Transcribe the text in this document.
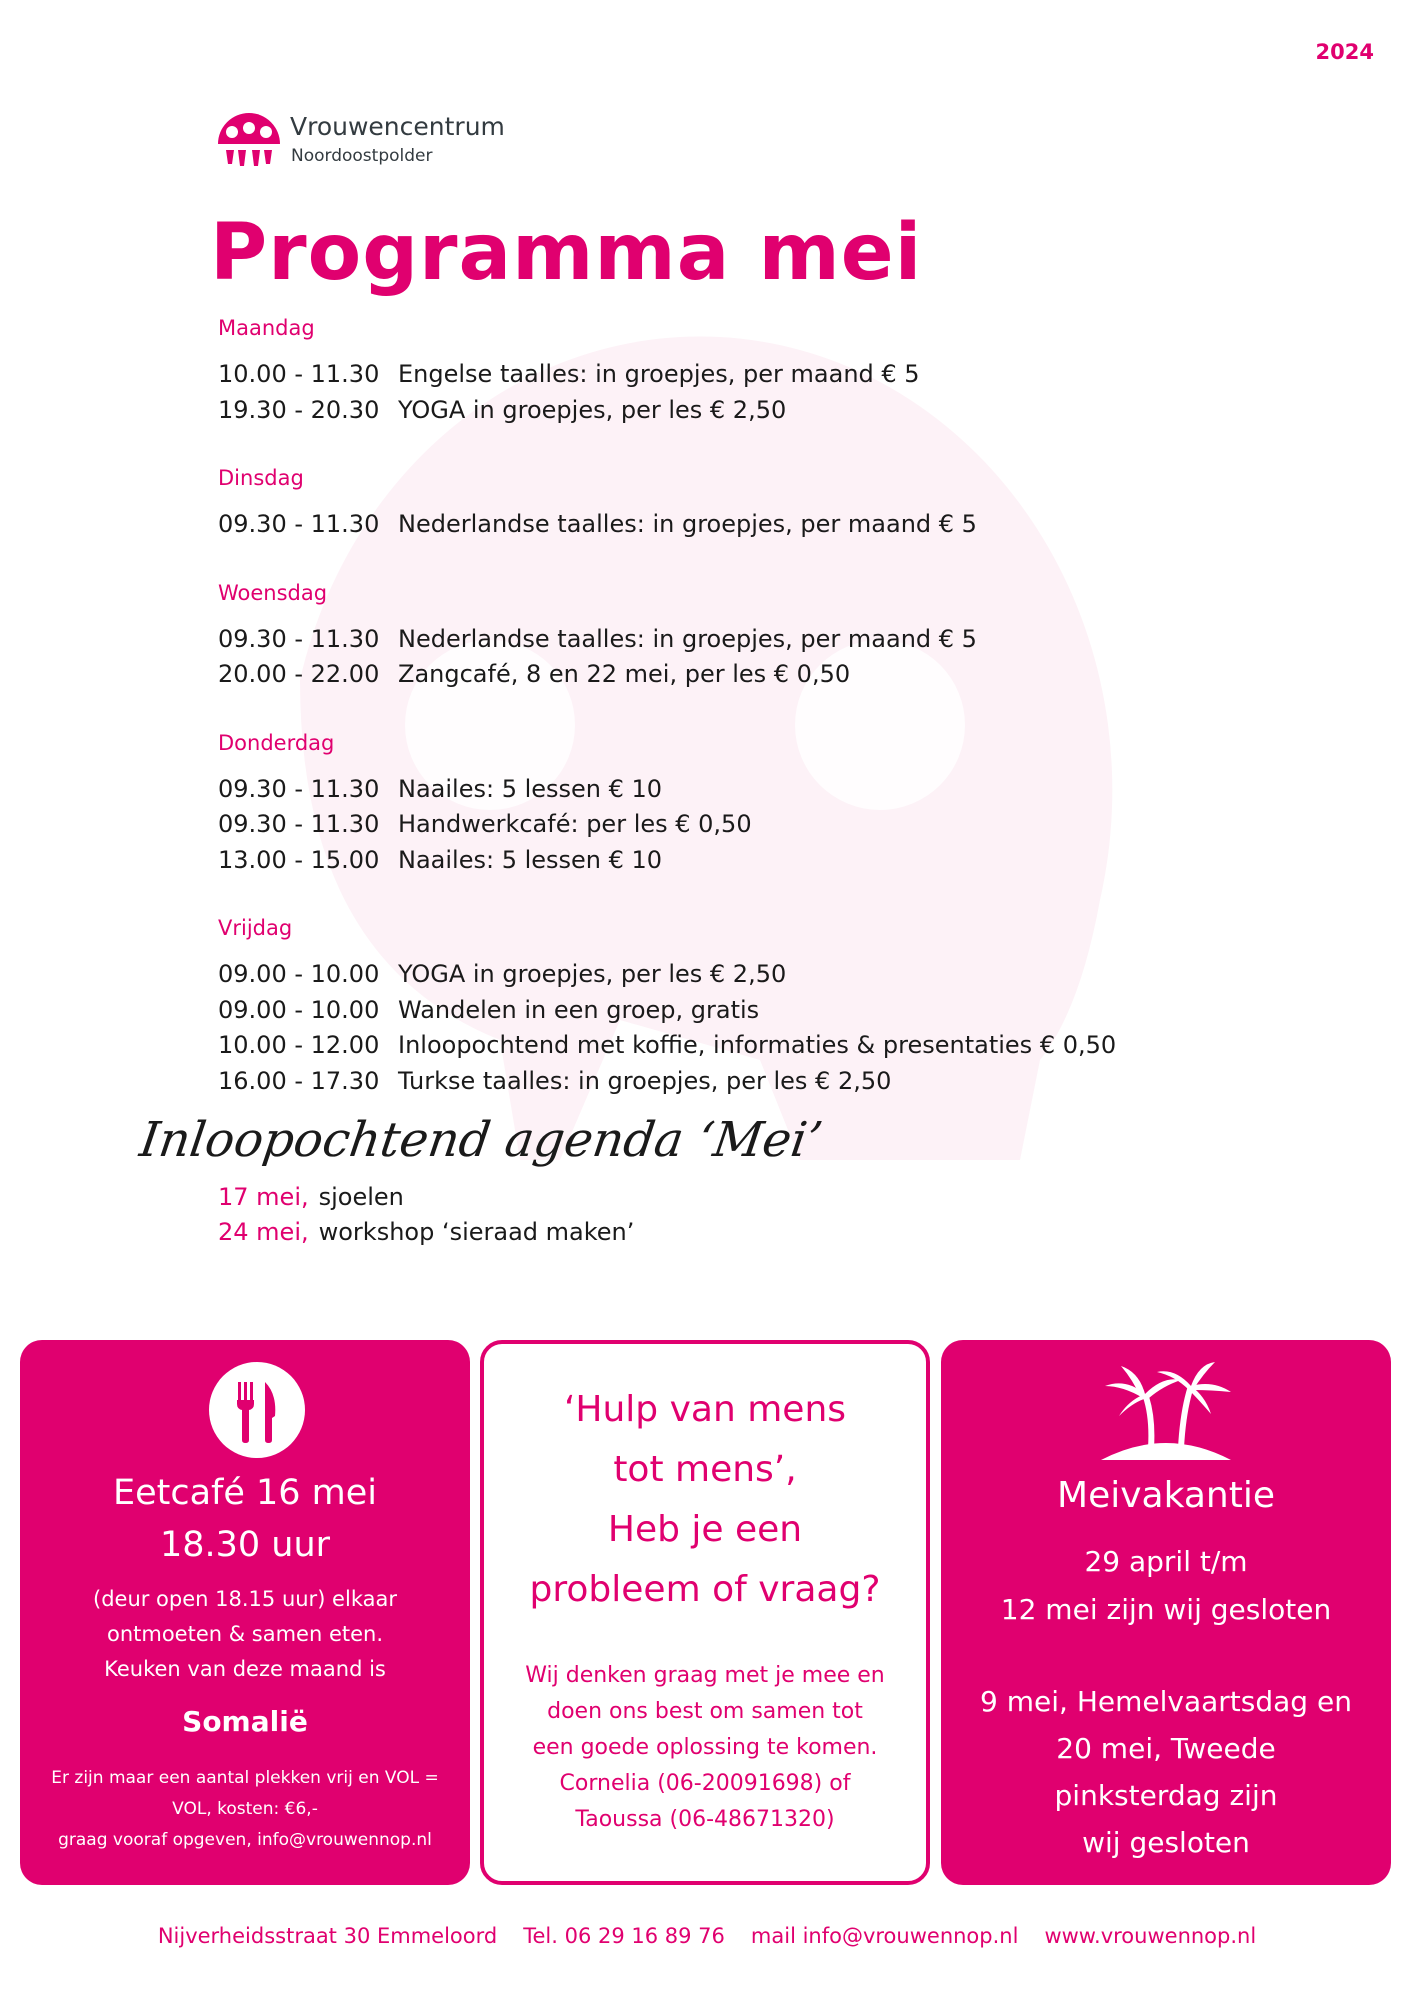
2024
Vrouwencentrum
Noordoostpolder
Programma mei
Maandag
10.00 - 11.30 Engelse taalles: in groepjes, per maand € 5
19.30 - 20.30 YOGA in groepjes, per les € 2,50
Dinsdag
09.30 - 11.30 Nederlandse taalles: in groepjes, per maand € 5
Woensdag
09.30 - 11.30 Nederlandse taalles: in groepjes, per maand € 5
20.00 - 22.00 Zangcafé, 8 en 22 mei, per les € 0,50
Donderdag
09.30 - 11.30 Naailes: 5 lessen € 10
09.30 - 11.30 Handwerkcafé: per les € 0,50
13.00 - 15.00 Naailes: 5 lessen € 10
Vrijdag
09.00 - 10.00 YOGA in groepjes, per les € 2,50
09.00 - 10.00 Wandelen in een groep, gratis
10.00 - 12.00 Inloopochtend met koffie, informaties & presentaties € 0,50
16.00 - 17.30 Turkse taalles: in groepjes, per les € 2,50
Inloopochtend agenda ‘Mei’
17 mei, sjoelen
24 mei, workshop ‘sieraad maken’
Eetcafé 16 mei
18.30 uur
(deur open 18.15 uur) elkaar
ontmoeten & samen eten.
Keuken van deze maand is
Somalië
Er zijn maar een aantal plekken vrij en VOL =
VOL, kosten: €6,-
graag vooraf opgeven, info@vrouwennop.nl
‘Hulp van mens
tot mens’,
Heb je een
probleem of vraag?
Wij denken graag met je mee en
doen ons best om samen tot
een goede oplossing te komen.
Cornelia (06-20091698) of
Taoussa (06-48671320)
Meivakantie
29 april t/m
12 mei zijn wij gesloten
9 mei, Hemelvaartsdag en
20 mei, Tweede
pinksterdag zijn
wij gesloten
Nijverheidsstraat 30 Emmeloord Tel. 06 29 16 89 76 mail info@vrouwennop.nl www.vrouwennop.nl
